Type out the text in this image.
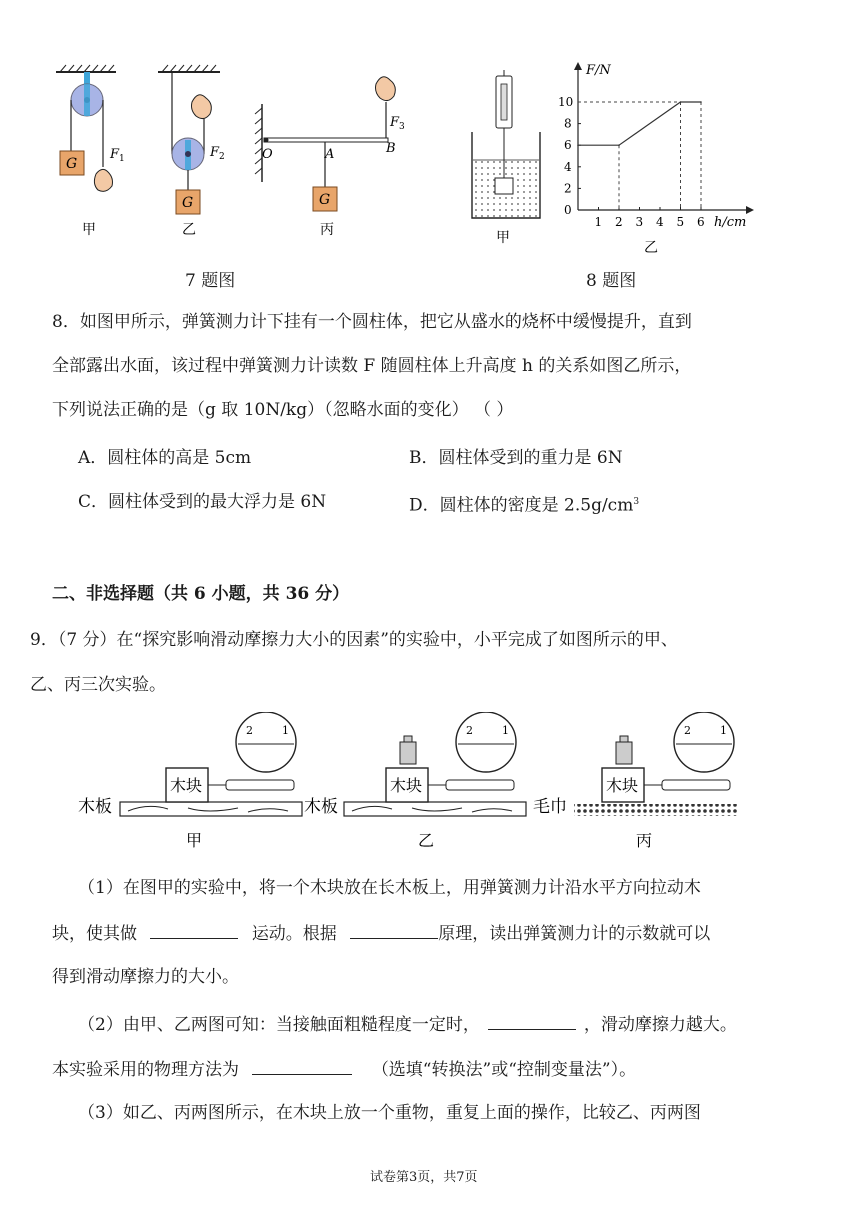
G
F 1
甲
G
F 2
乙
G
F 3
O	A	B
丙
7 题图
甲
F/N
h/cm
0
1 2 3 4 5 6
2
4
6
8
10
乙
8 题图
8．如图甲所示，弹簧测力计下挂有一个圆柱体，把它从盛水的烧杯中缓慢提升，直到
全部露出水面，该过程中弹簧测力计读数 F 随圆柱体上升高度 h 的关系如图乙所示，
下列说法正确的是（g 取 10N/kg）（忽略水面的变化） （ ）
A．圆柱体的高是 5cm	B．圆柱体受到的重力是 6N
C．圆柱体受到的最大浮力是 6N	D．圆柱体的密度是 $2.5g/cm^3$
二、非选择题（共 6 小题，共 36 分）
9．（7 分）在“探究影响滑动摩擦力大小的因素”的实验中，小平完成了如图所示的甲、
乙、丙三次实验。
木板	木板	毛巾
木块	木块	木块
2	1	2	1	2	1
甲	乙	丙
（1）在图甲的实验中，将一个木块放在长木板上，用弹簧测力计沿水平方向拉动木
块，使其做	运动。根据	原理，读出弹簧测力计的示数就可以
得到滑动摩擦力的大小。
（2）由甲、乙两图可知：当接触面粗糙程度一定时，	，滑动摩擦力越大。
本实验采用的物理方法为	（选填“转换法”或“控制变量法”）。
（3）如乙、丙两图所示，在木块上放一个重物，重复上面的操作，比较乙、丙两图
试卷第3页，共7页
